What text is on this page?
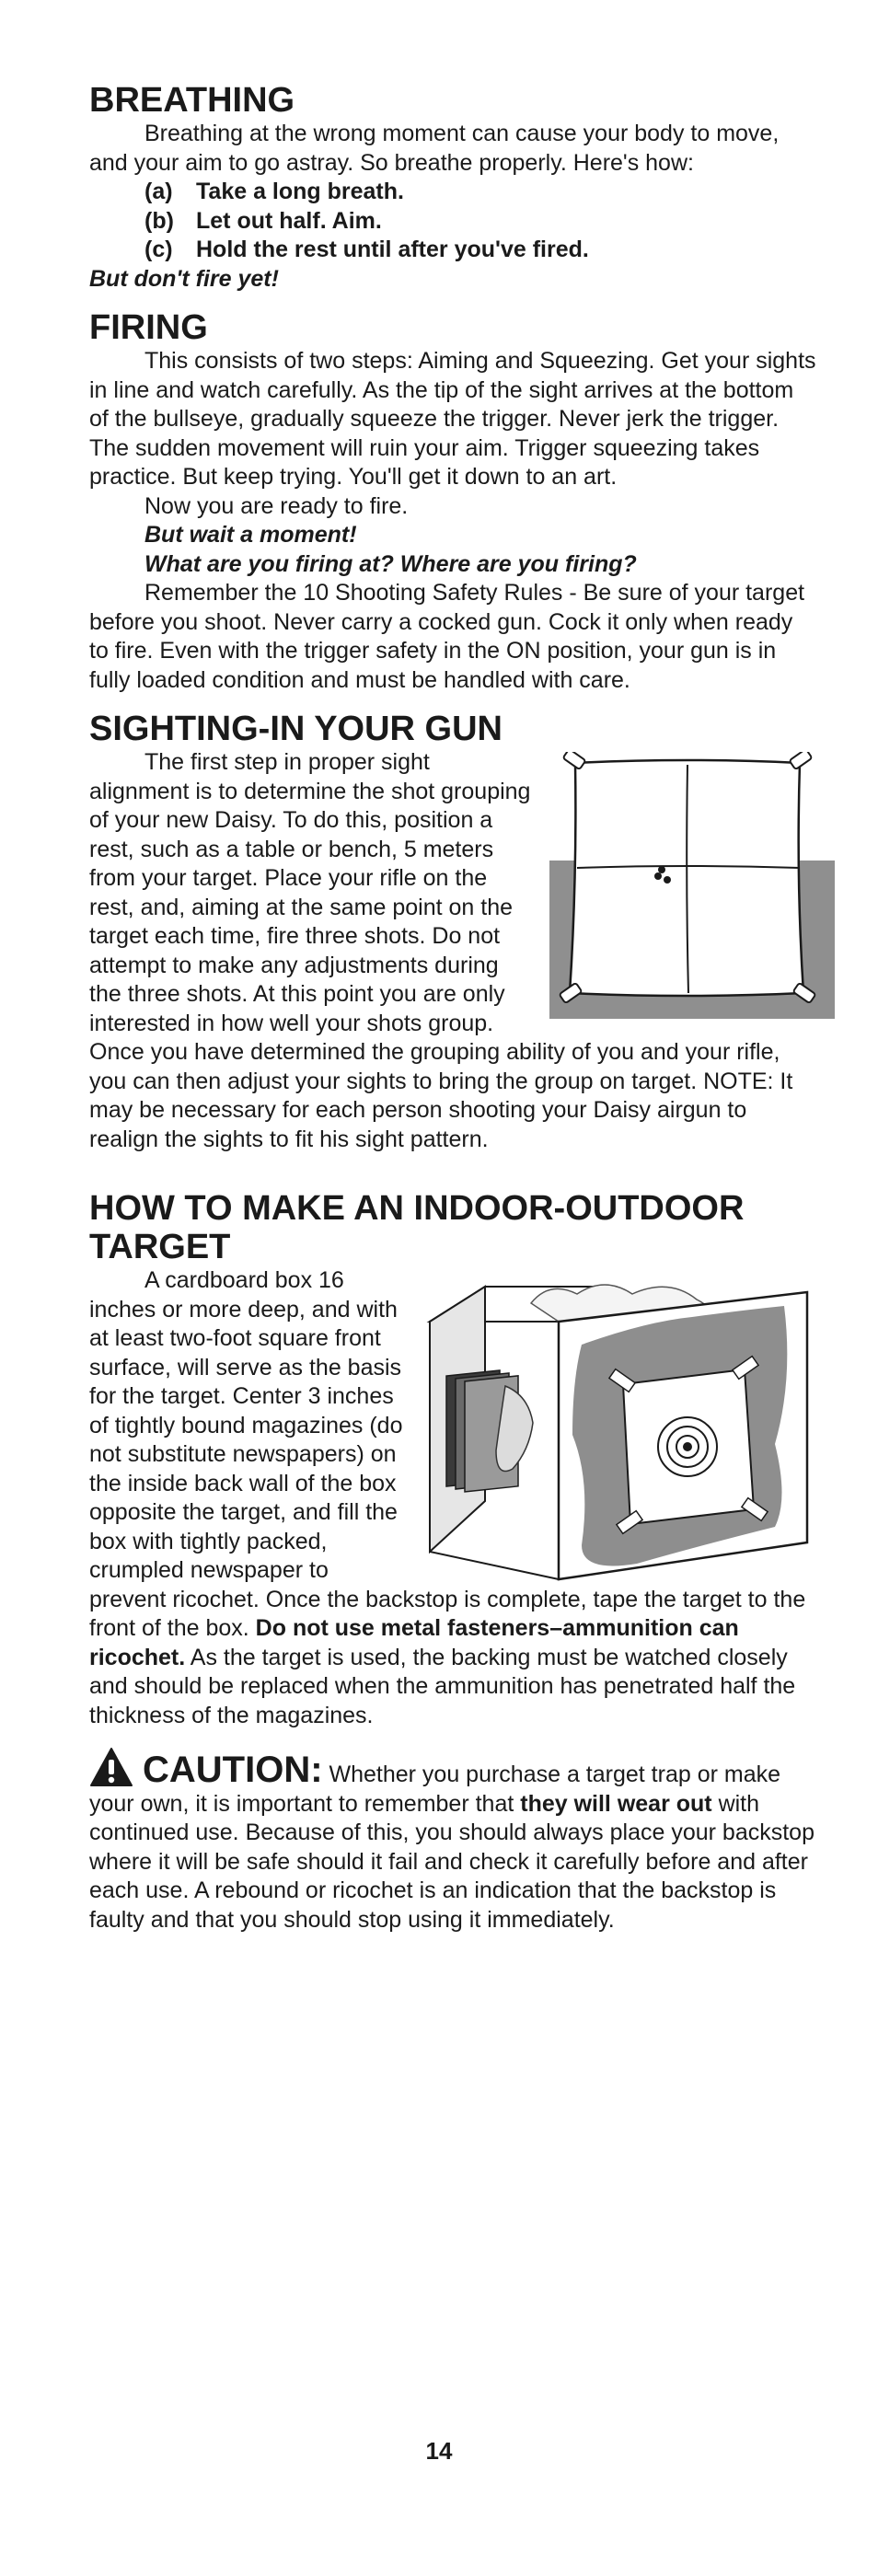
BREATHING

Breathing at the wrong moment can cause your body to move, and your aim to go astray. So breathe properly. Here's how:

(a) Take a long breath.
(b) Let out half. Aim.
(c) Hold the rest until after you've fired.

But don't fire yet!

FIRING

This consists of two steps: Aiming and Squeezing. Get your sights in line and watch carefully. As the tip of the sight arrives at the bottom of the bullseye, gradually squeeze the trigger. Never jerk the trigger. The sudden movement will ruin your aim. Trigger squeezing takes practice. But keep trying. You'll get it down to an art.

Now you are ready to fire.

But wait a moment!

What are you firing at? Where are you firing?

Remember the 10 Shooting Safety Rules - Be sure of your target before you shoot. Never carry a cocked gun. Cock it only when ready to fire. Even with the trigger safety in the ON position, your gun is in fully loaded condition and must be handled with care.

SIGHTING-IN YOUR GUN

The first step in proper sight alignment is to determine the shot grouping of your new Daisy. To do this, position a rest, such as a table or bench, 5 meters from your target. Place your rifle on the rest, and, aiming at the same point on the target each time, fire three shots. Do not attempt to make any adjustments during the three shots. At this point you are only interested in how well your shots group. Once you have determined the grouping ability of you and your rifle, you can then adjust your sights to bring the group on target. NOTE: It may be necessary for each person shooting your Daisy airgun to realign the sights to fit his sight pattern.

HOW TO MAKE AN INDOOR-OUTDOOR TARGET

A cardboard box 16 inches or more deep, and with at least two-foot square front surface, will serve as the basis for the target. Center 3 inches of tightly bound magazines (do not substitute newspapers) on the inside back wall of the box opposite the target, and fill the box with tightly packed, crumpled newspaper to prevent ricochet. Once the backstop is complete, tape the target to the front of the box. Do not use metal fasteners–ammunition can ricochet. As the target is used, the backing must be watched closely and should be replaced when the ammunition has penetrated half the thickness of the magazines.

CAUTION: Whether you purchase a target trap or make your own, it is important to remember that they will wear out with continued use. Because of this, you should always place your backstop where it will be safe should it fail and check it carefully before and after each use. A rebound or ricochet is an indication that the backstop is faulty and that you should stop using it immediately.

14
